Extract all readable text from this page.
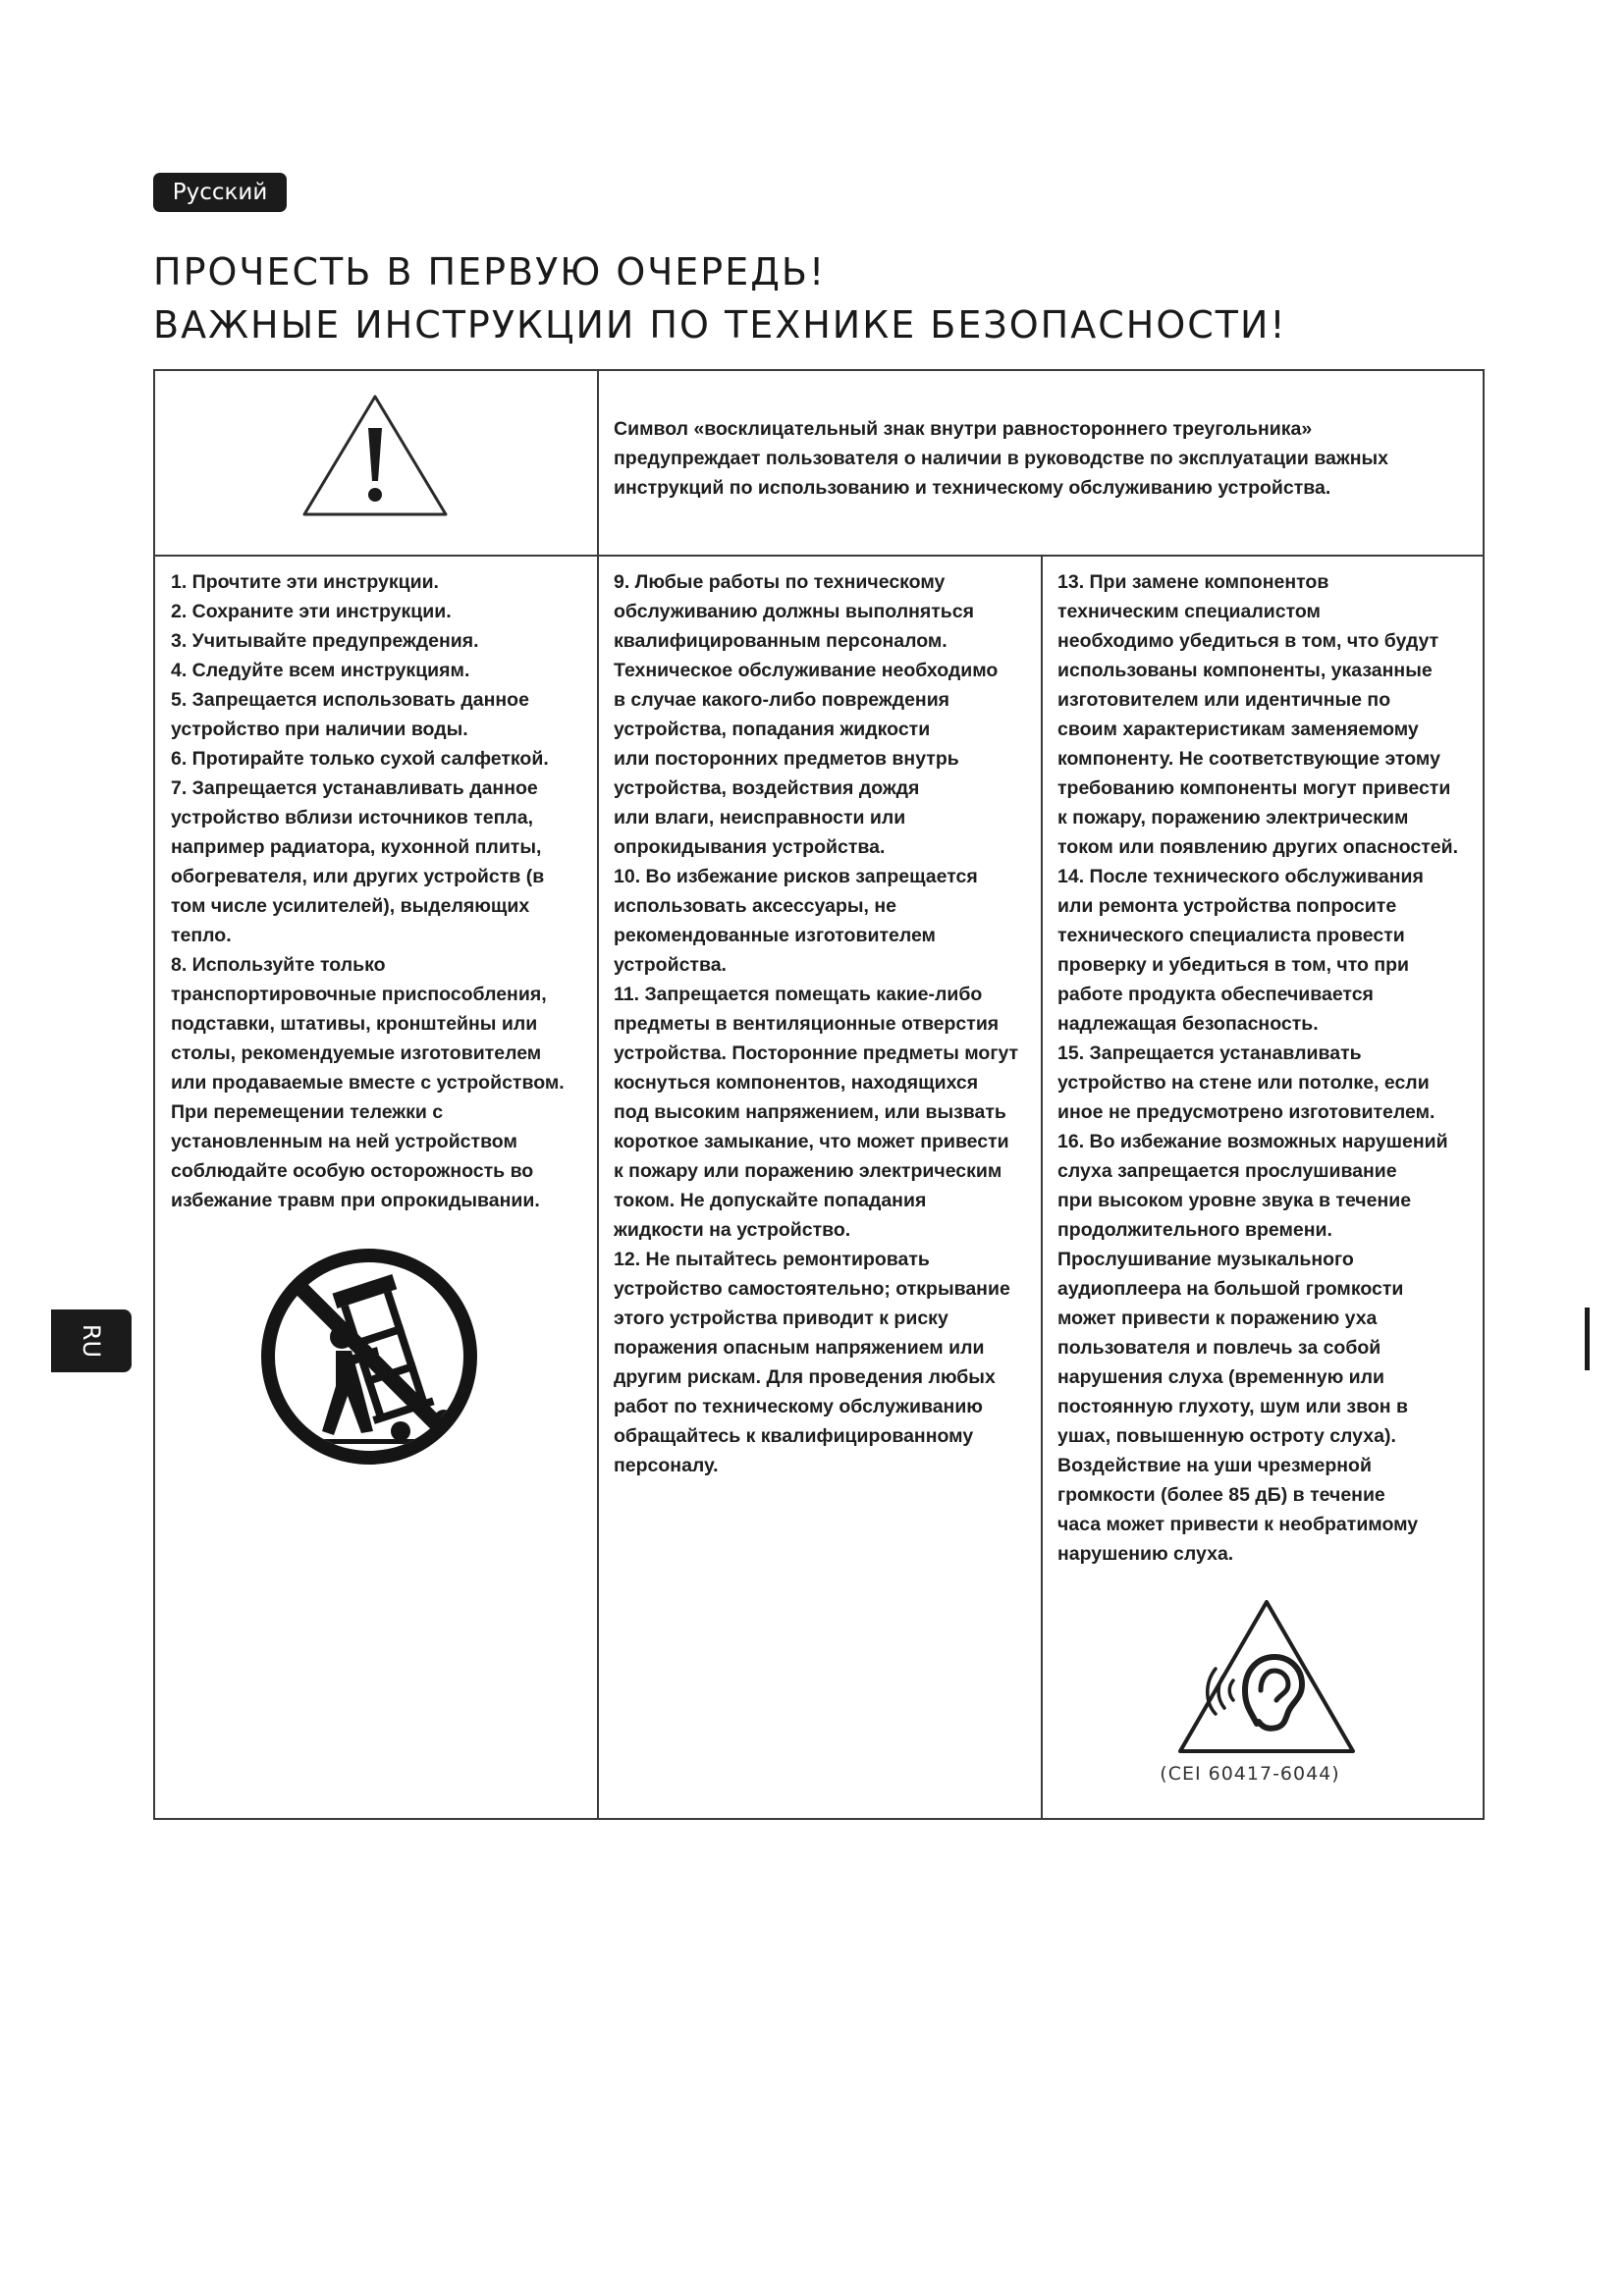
Русский
ПРОЧЕСТЬ В ПЕРВУЮ ОЧЕРЕДЬ!
ВАЖНЫЕ ИНСТРУКЦИИ ПО ТЕХНИКЕ БЕЗОПАСНОСТИ!
Символ «восклицательный знак внутри равностороннего треугольника»
предупреждает пользователя о наличии в руководстве по эксплуатации важных
инструкций по использованию и техническому обслуживанию устройства.
1. Прочтите эти инструкции.
2. Сохраните эти инструкции.
3. Учитывайте предупреждения.
4. Следуйте всем инструкциям.
5. Запрещается использовать данное
устройство при наличии воды.
6. Протирайте только сухой салфеткой.
7. Запрещается устанавливать данное
устройство вблизи источников тепла,
например радиатора, кухонной плиты,
обогревателя, или других устройств (в
том числе усилителей), выделяющих
тепло.
8. Используйте только
транспортировочные приспособления,
подставки, штативы, кронштейны или
столы, рекомендуемые изготовителем
или продаваемые вместе с устройством.
При перемещении тележки с
установленным на ней устройством
соблюдайте особую осторожность во
избежание травм при опрокидывании.
9. Любые работы по техническому
обслуживанию должны выполняться
квалифицированным персоналом.
Техническое обслуживание необходимо
в случае какого-либо повреждения
устройства, попадания жидкости
или посторонних предметов внутрь
устройства, воздействия дождя
или влаги, неисправности или
опрокидывания устройства.
10. Во избежание рисков запрещается
использовать аксессуары, не
рекомендованные изготовителем
устройства.
11. Запрещается помещать какие-либо
предметы в вентиляционные отверстия
устройства. Посторонние предметы могут
коснуться компонентов, находящихся
под высоким напряжением, или вызвать
короткое замыкание, что может привести
к пожару или поражению электрическим
током. Не допускайте попадания
жидкости на устройство.
12. Не пытайтесь ремонтировать
устройство самостоятельно; открывание
этого устройства приводит к риску
поражения опасным напряжением или
другим рискам. Для проведения любых
работ по техническому обслуживанию
обращайтесь к квалифицированному
персоналу.
13. При замене компонентов
техническим специалистом
необходимо убедиться в том, что будут
использованы компоненты, указанные
изготовителем или идентичные по
своим характеристикам заменяемому
компоненту. Не соответствующие этому
требованию компоненты могут привести
к пожару, поражению электрическим
током или появлению других опасностей.
14. После технического обслуживания
или ремонта устройства попросите
технического специалиста провести
проверку и убедиться в том, что при
работе продукта обеспечивается
надлежащая безопасность.
15. Запрещается устанавливать
устройство на стене или потолке, если
иное не предусмотрено изготовителем.
16. Во избежание возможных нарушений
слуха запрещается прослушивание
при высоком уровне звука в течение
продолжительного времени.
Прослушивание музыкального
аудиоплеера на большой громкости
может привести к поражению уха
пользователя и повлечь за собой
нарушения слуха (временную или
постоянную глухоту, шум или звон в
ушах, повышенную остроту слуха).
Воздействие на уши чрезмерной
громкости (более 85 дБ) в течение
часа может привести к необратимому
нарушению слуха.
(CEI 60417-6044)
RU
